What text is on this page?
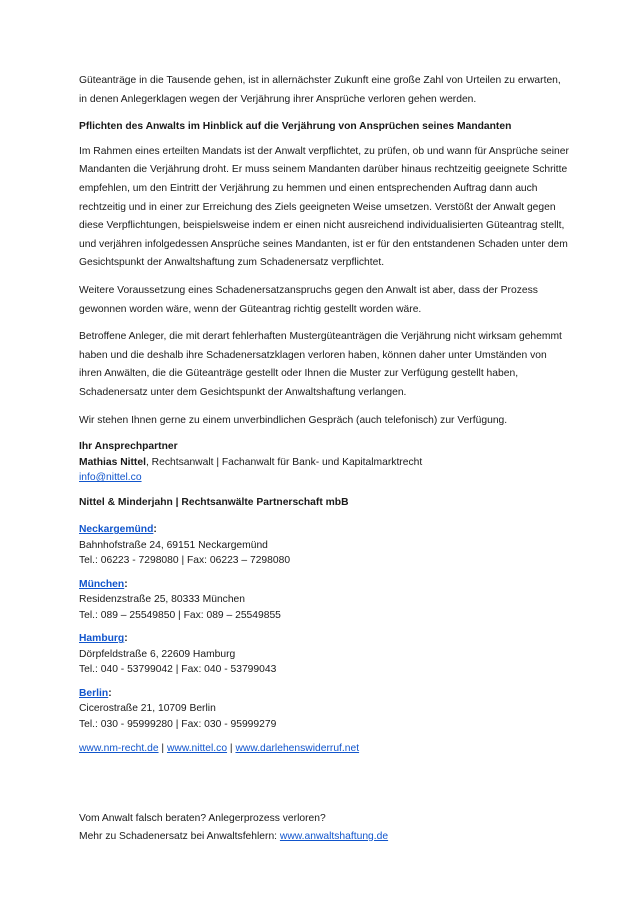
Güteanträge in die Tausende gehen, ist in allernächster Zukunft eine große Zahl von Urteilen zu erwarten, in denen Anlegerklagen wegen der Verjährung ihrer Ansprüche verloren gehen werden.

Pflichten des Anwalts im Hinblick auf die Verjährung von Ansprüchen seines Mandanten

Im Rahmen eines erteilten Mandats ist der Anwalt verpflichtet, zu prüfen, ob und wann für Ansprüche seiner Mandanten die Verjährung droht. Er muss seinem Mandanten darüber hinaus rechtzeitig geeignete Schritte empfehlen, um den Eintritt der Verjährung zu hemmen und einen entsprechenden Auftrag dann auch rechtzeitig und in einer zur Erreichung des Ziels geeigneten Weise umsetzen. Verstößt der Anwalt gegen diese Verpflichtungen, beispielsweise indem er einen nicht ausreichend individualisierten Güteantrag stellt, und verjähren infolgedessen Ansprüche seines Mandanten, ist er für den entstandenen Schaden unter dem Gesichtspunkt der Anwaltshaftung zum Schadenersatz verpflichtet.

Weitere Voraussetzung eines Schadenersatzanspruchs gegen den Anwalt ist aber, dass der Prozess gewonnen worden wäre, wenn der Güteantrag richtig gestellt worden wäre.

Betroffene Anleger, die mit derart fehlerhaften Mustergüteanträgen die Verjährung nicht wirksam gehemmt haben und die deshalb ihre Schadenersatzklagen verloren haben, können daher unter Umständen von ihren Anwälten, die die Güteanträge gestellt oder Ihnen die Muster zur Verfügung gestellt haben, Schadenersatz unter dem Gesichtspunkt der Anwaltshaftung verlangen.

Wir stehen Ihnen gerne zu einem unverbindlichen Gespräch (auch telefonisch) zur Verfügung.

Ihr Ansprechpartner
Mathias Nittel, Rechtsanwalt | Fachanwalt für Bank- und Kapitalmarktrecht
info@nittel.co

Nittel & Minderjahn | Rechtsanwälte Partnerschaft mbB

Neckargemünd:
Bahnhofstraße 24, 69151 Neckargemünd
Tel.: 06223 - 7298080 | Fax: 06223 – 7298080
München:
Residenzstraße 25, 80333 München
Tel.: 089 – 25549850 | Fax: 089 – 25549855
Hamburg:
Dörpfeldstraße 6, 22609 Hamburg
Tel.: 040 - 53799042 | Fax: 040 - 53799043
Berlin:
Cicerostraße 21, 10709 Berlin
Tel.: 030 - 95999280 | Fax: 030 - 95999279

www.nm-recht.de | www.nittel.co | www.darlehenswiderruf.net

Vom Anwalt falsch beraten? Anlegerprozess verloren?
Mehr zu Schadenersatz bei Anwaltsfehlern: www.anwaltshaftung.de
